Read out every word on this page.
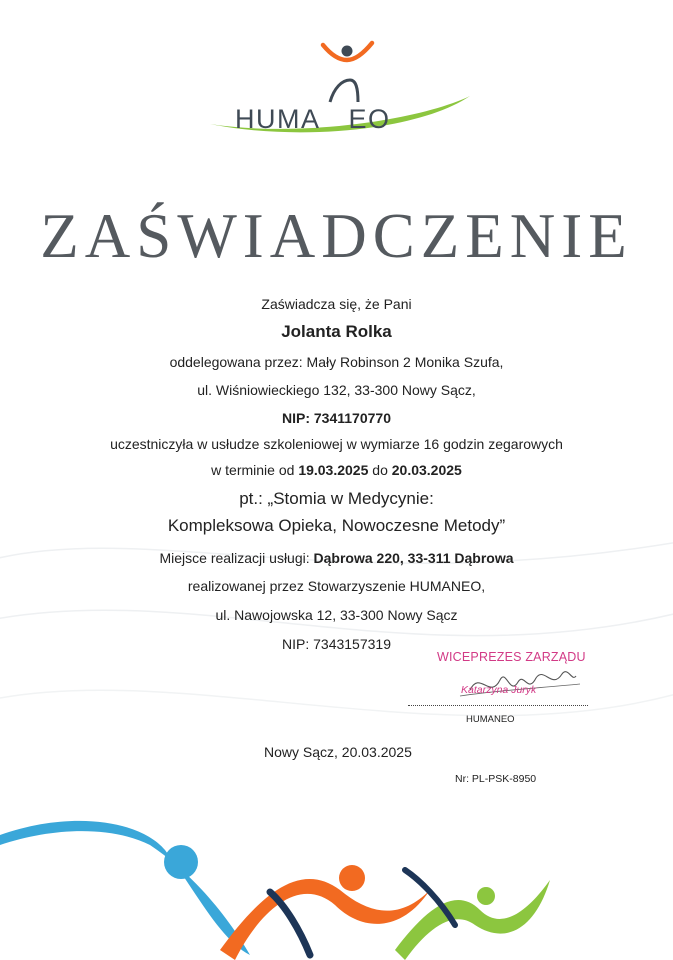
HUMA EO
ZAŚWIADCZENIE
Zaświadcza się, że Pani
Jolanta Rolka
oddelegowana przez: Mały Robinson 2 Monika Szufa,
ul. Wiśniowieckiego 132, 33-300 Nowy Sącz,
NIP: 7341170770
uczestniczyła w usłudze szkoleniowej w wymiarze 16 godzin zegarowych
w terminie od 19.03.2025 do 20.03.2025
pt.: „Stomia w Medycynie:
Kompleksowa Opieka, Nowoczesne Metody”
Miejsce realizacji usługi: Dąbrowa 220, 33-311 Dąbrowa
realizowanej przez Stowarzyszenie HUMANEO,
ul. Nawojowska 12, 33-300 Nowy Sącz
NIP: 7343157319
WICEPREZES ZARZĄDU
Katarzyna Juryk
HUMANEO
Nowy Sącz, 20.03.2025
Nr: PL-PSK-8950
